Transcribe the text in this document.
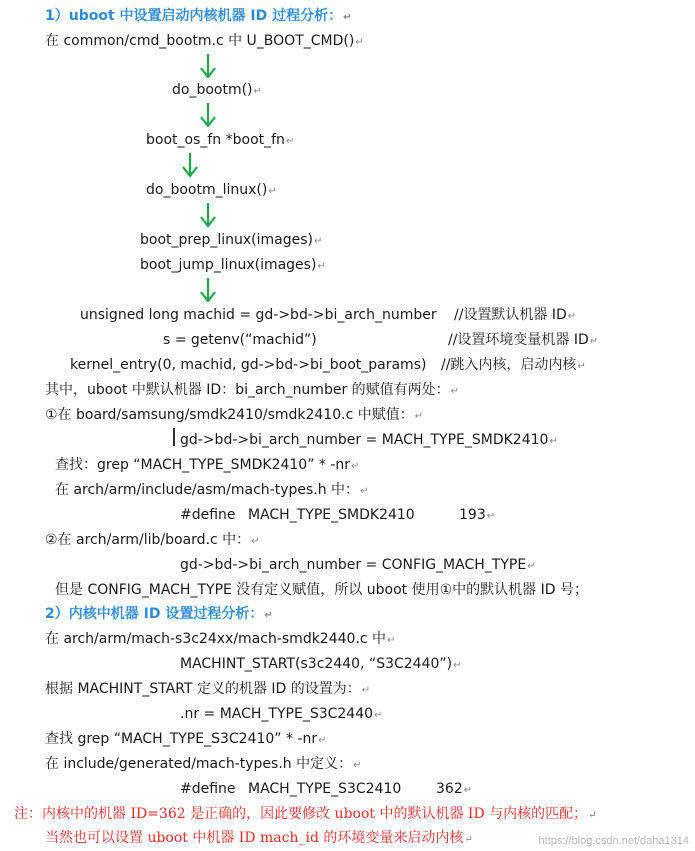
1）uboot 中设置启动内核机器 ID 过程分析：↵
在 common/cmd_bootm.c 中 U_BOOT_CMD()↵
do_bootm()↵
boot_os_fn *boot_fn↵
do_bootm_linux()↵
boot_prep_linux(images)↵
boot_jump_linux(images)↵
unsigned long machid = gd->bd->bi_arch_number //设置默认机器 ID↵
s = getenv(“machid”)	//设置环境变量机器 ID↵
kernel_entry(0, machid, gd->bd->bi_boot_params) //跳入内核，启动内核↵
其中，uboot 中默认机器 ID：bi_arch_number 的赋值有两处：↵
①在 board/samsung/smdk2410/smdk2410.c 中赋值：↵
gd->bd->bi_arch_number = MACH_TYPE_SMDK2410↵
查找：grep “MACH_TYPE_SMDK2410” * -nr↵
在 arch/arm/include/asm/mach-types.h 中：↵
#define MACH_TYPE_SMDK2410	193↵
②在 arch/arm/lib/board.c 中：↵
gd->bd->bi_arch_number = CONFIG_MACH_TYPE↵
但是 CONFIG_MACH_TYPE 没有定义赋值，所以 uboot 使用①中的默认机器 ID 号；
2）内核中机器 ID 设置过程分析：↵
在 arch/arm/mach-s3c24xx/mach-smdk2440.c 中↵
MACHINT_START(s3c2440, “S3C2440”)↵
根据 MACHINT_START 定义的机器 ID 的设置为：↵
.nr = MACH_TYPE_S3C2440↵
查找 grep “MACH_TYPE_S3C2410” * -nr↵
在 include/generated/mach-types.h 中定义：↵
#define MACH_TYPE_S3C2410 362↵
注：内核中的机器 ID=362 是正确的，因此要修改 uboot 中的默认机器 ID 与内核的匹配；↵
当然也可以设置 uboot 中机器 ID mach_id 的环境变量来启动内核↵	https://blog.csdn.net/daha1314
